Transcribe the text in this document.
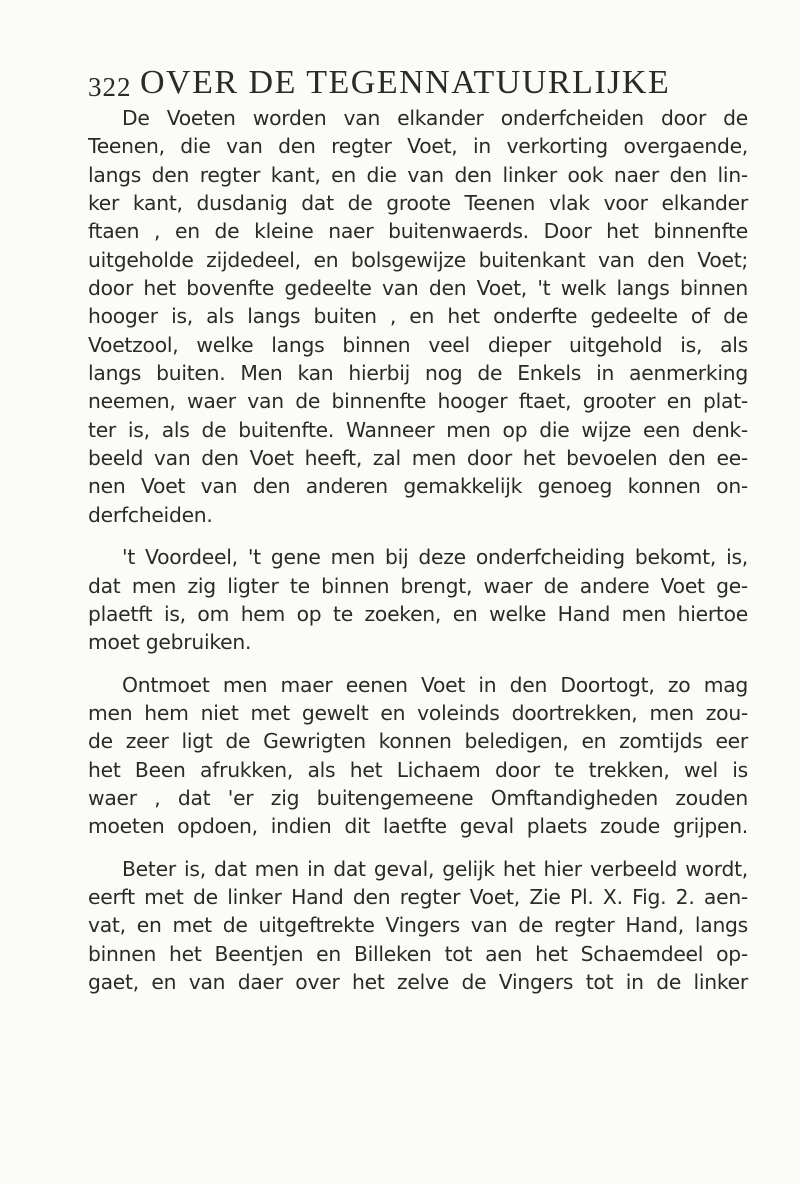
322 OVER DE TEGENNATUURLIJKE

De Voeten worden van elkander onderfcheiden door de
Teenen, die van den regter Voet, in verkorting overgaende,
langs den regter kant, en die van den linker ook naer den lin-
ker kant, dusdanig dat de groote Teenen vlak voor elkander
ftaen , en de kleine naer buitenwaerds. Door het binnenfte
uitgeholde zijdedeel, en bolsgewijze buitenkant van den Voet;
door het bovenfte gedeelte van den Voet, 't welk langs binnen
hooger is, als langs buiten , en het onderfte gedeelte of de
Voetzool, welke langs binnen veel dieper uitgehold is, als
langs buiten. Men kan hierbij nog de Enkels in aenmerking
neemen, waer van de binnenfte hooger ftaet, grooter en plat-
ter is, als de buitenfte. Wanneer men op die wijze een denk-
beeld van den Voet heeft, zal men door het bevoelen den ee-
nen Voet van den anderen gemakkelijk genoeg konnen on-
derfcheiden.

't Voordeel, 't gene men bij deze onderfcheiding bekomt, is,
dat men zig ligter te binnen brengt, waer de andere Voet ge-
plaetft is, om hem op te zoeken, en welke Hand men hiertoe
moet gebruiken.

Ontmoet men maer eenen Voet in den Doortogt, zo mag
men hem niet met gewelt en voleinds doortrekken, men zou-
de zeer ligt de Gewrigten konnen beledigen, en zomtijds eer
het Been afrukken, als het Lichaem door te trekken, wel is
waer , dat 'er zig buitengemeene Omftandigheden zouden
moeten opdoen, indien dit laetfte geval plaets zoude grijpen.

Beter is, dat men in dat geval, gelijk het hier verbeeld wordt,
eerft met de linker Hand den regter Voet, Zie Pl. X. Fig. 2. aen-
vat, en met de uitgeftrekte Vingers van de regter Hand, langs
binnen het Beentjen en Billeken tot aen het Schaemdeel op-
gaet, en van daer over het zelve de Vingers tot in de linker
